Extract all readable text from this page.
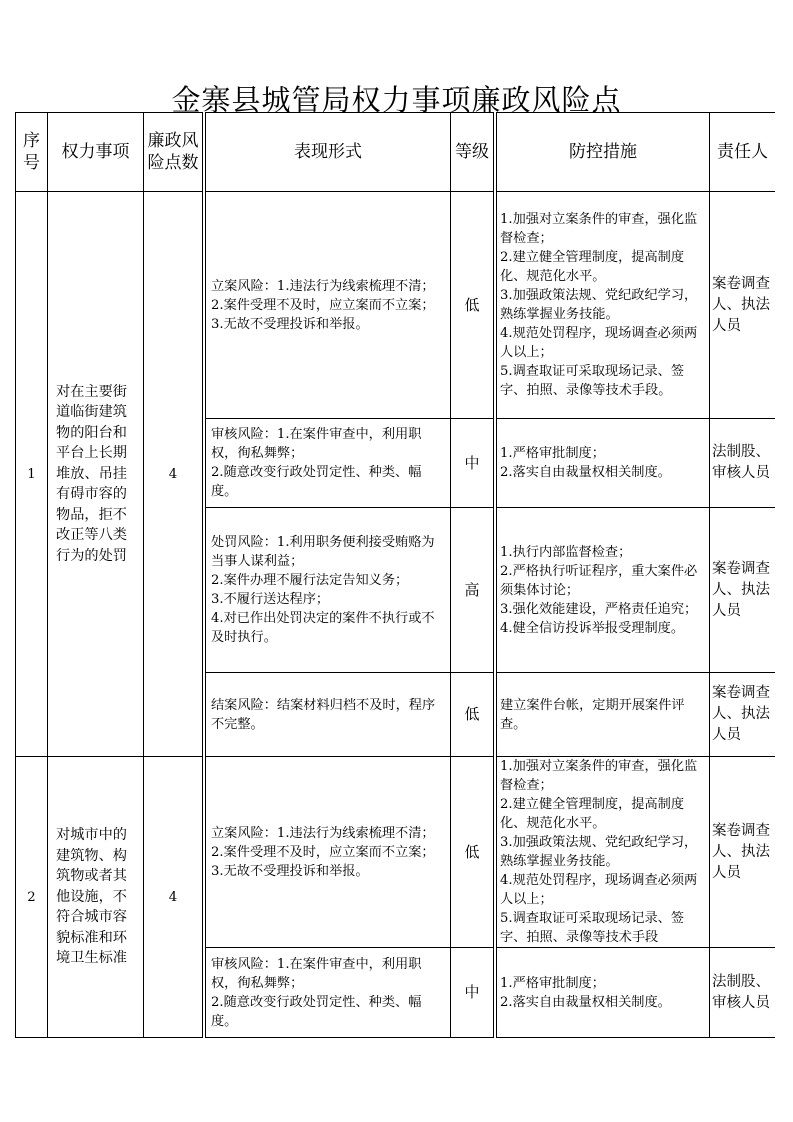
金寨县城管局权力事项廉政风险点
序号	权力事项	廉政风险点数		表现形式	等级		防控措施	责任人
1	对在主要街道临街建筑物的阳台和平台上长期堆放、吊挂有碍市容的物品，拒不改正等八类行为的处罚	4		立案风险：1.违法行为线索梳理不清；
2.案件受理不及时，应立案而不立案；
3.无故不受理投诉和举报。	低		1.加强对立案条件的审查，强化监督检查；
2.建立健全管理制度，提高制度化、规范化水平。
3.加强政策法规、党纪政纪学习，熟练掌握业务技能。
4.规范处罚程序，现场调查必须两人以上；
5.调查取证可采取现场记录、签字、拍照、录像等技术手段。	案卷调查人、执法人员

				审核风险：1.在案件审查中，利用职权，徇私舞弊；
2.随意改变行政处罚定性、种类、幅度。	中		1.严格审批制度；
2.落实自由裁量权相关制度。	法制股、审核人员

				处罚风险：1.利用职务便利接受贿赂为当事人谋利益；
2.案件办理不履行法定告知义务；
3.不履行送达程序；
4.对已作出处罚决定的案件不执行或不及时执行。	高		1.执行内部监督检查；
2.严格执行听证程序，重大案件必须集体讨论；
3.强化效能建设，严格责任追究；
4.健全信访投诉举报受理制度。	案卷调查人、执法人员

				结案风险：结案材料归档不及时，程序不完整。	低		建立案件台帐，定期开展案件评查。	案卷调查人、执法人员
2	对城市中的建筑物、构筑物或者其他设施，不符合城市容貌标准和环境卫生标准	4		立案风险：1.违法行为线索梳理不清；
2.案件受理不及时，应立案而不立案；
3.无故不受理投诉和举报。	低		1.加强对立案条件的审查，强化监督检查；
2.建立健全管理制度，提高制度化、规范化水平。
3.加强政策法规、党纪政纪学习，熟练掌握业务技能。
4.规范处罚程序，现场调查必须两人以上；
5.调查取证可采取现场记录、签字、拍照、录像等技术手段	案卷调查人、执法人员

				审核风险：1.在案件审查中，利用职权，徇私舞弊；
2.随意改变行政处罚定性、种类、幅度。	中		1.严格审批制度；
2.落实自由裁量权相关制度。	法制股、审核人员
